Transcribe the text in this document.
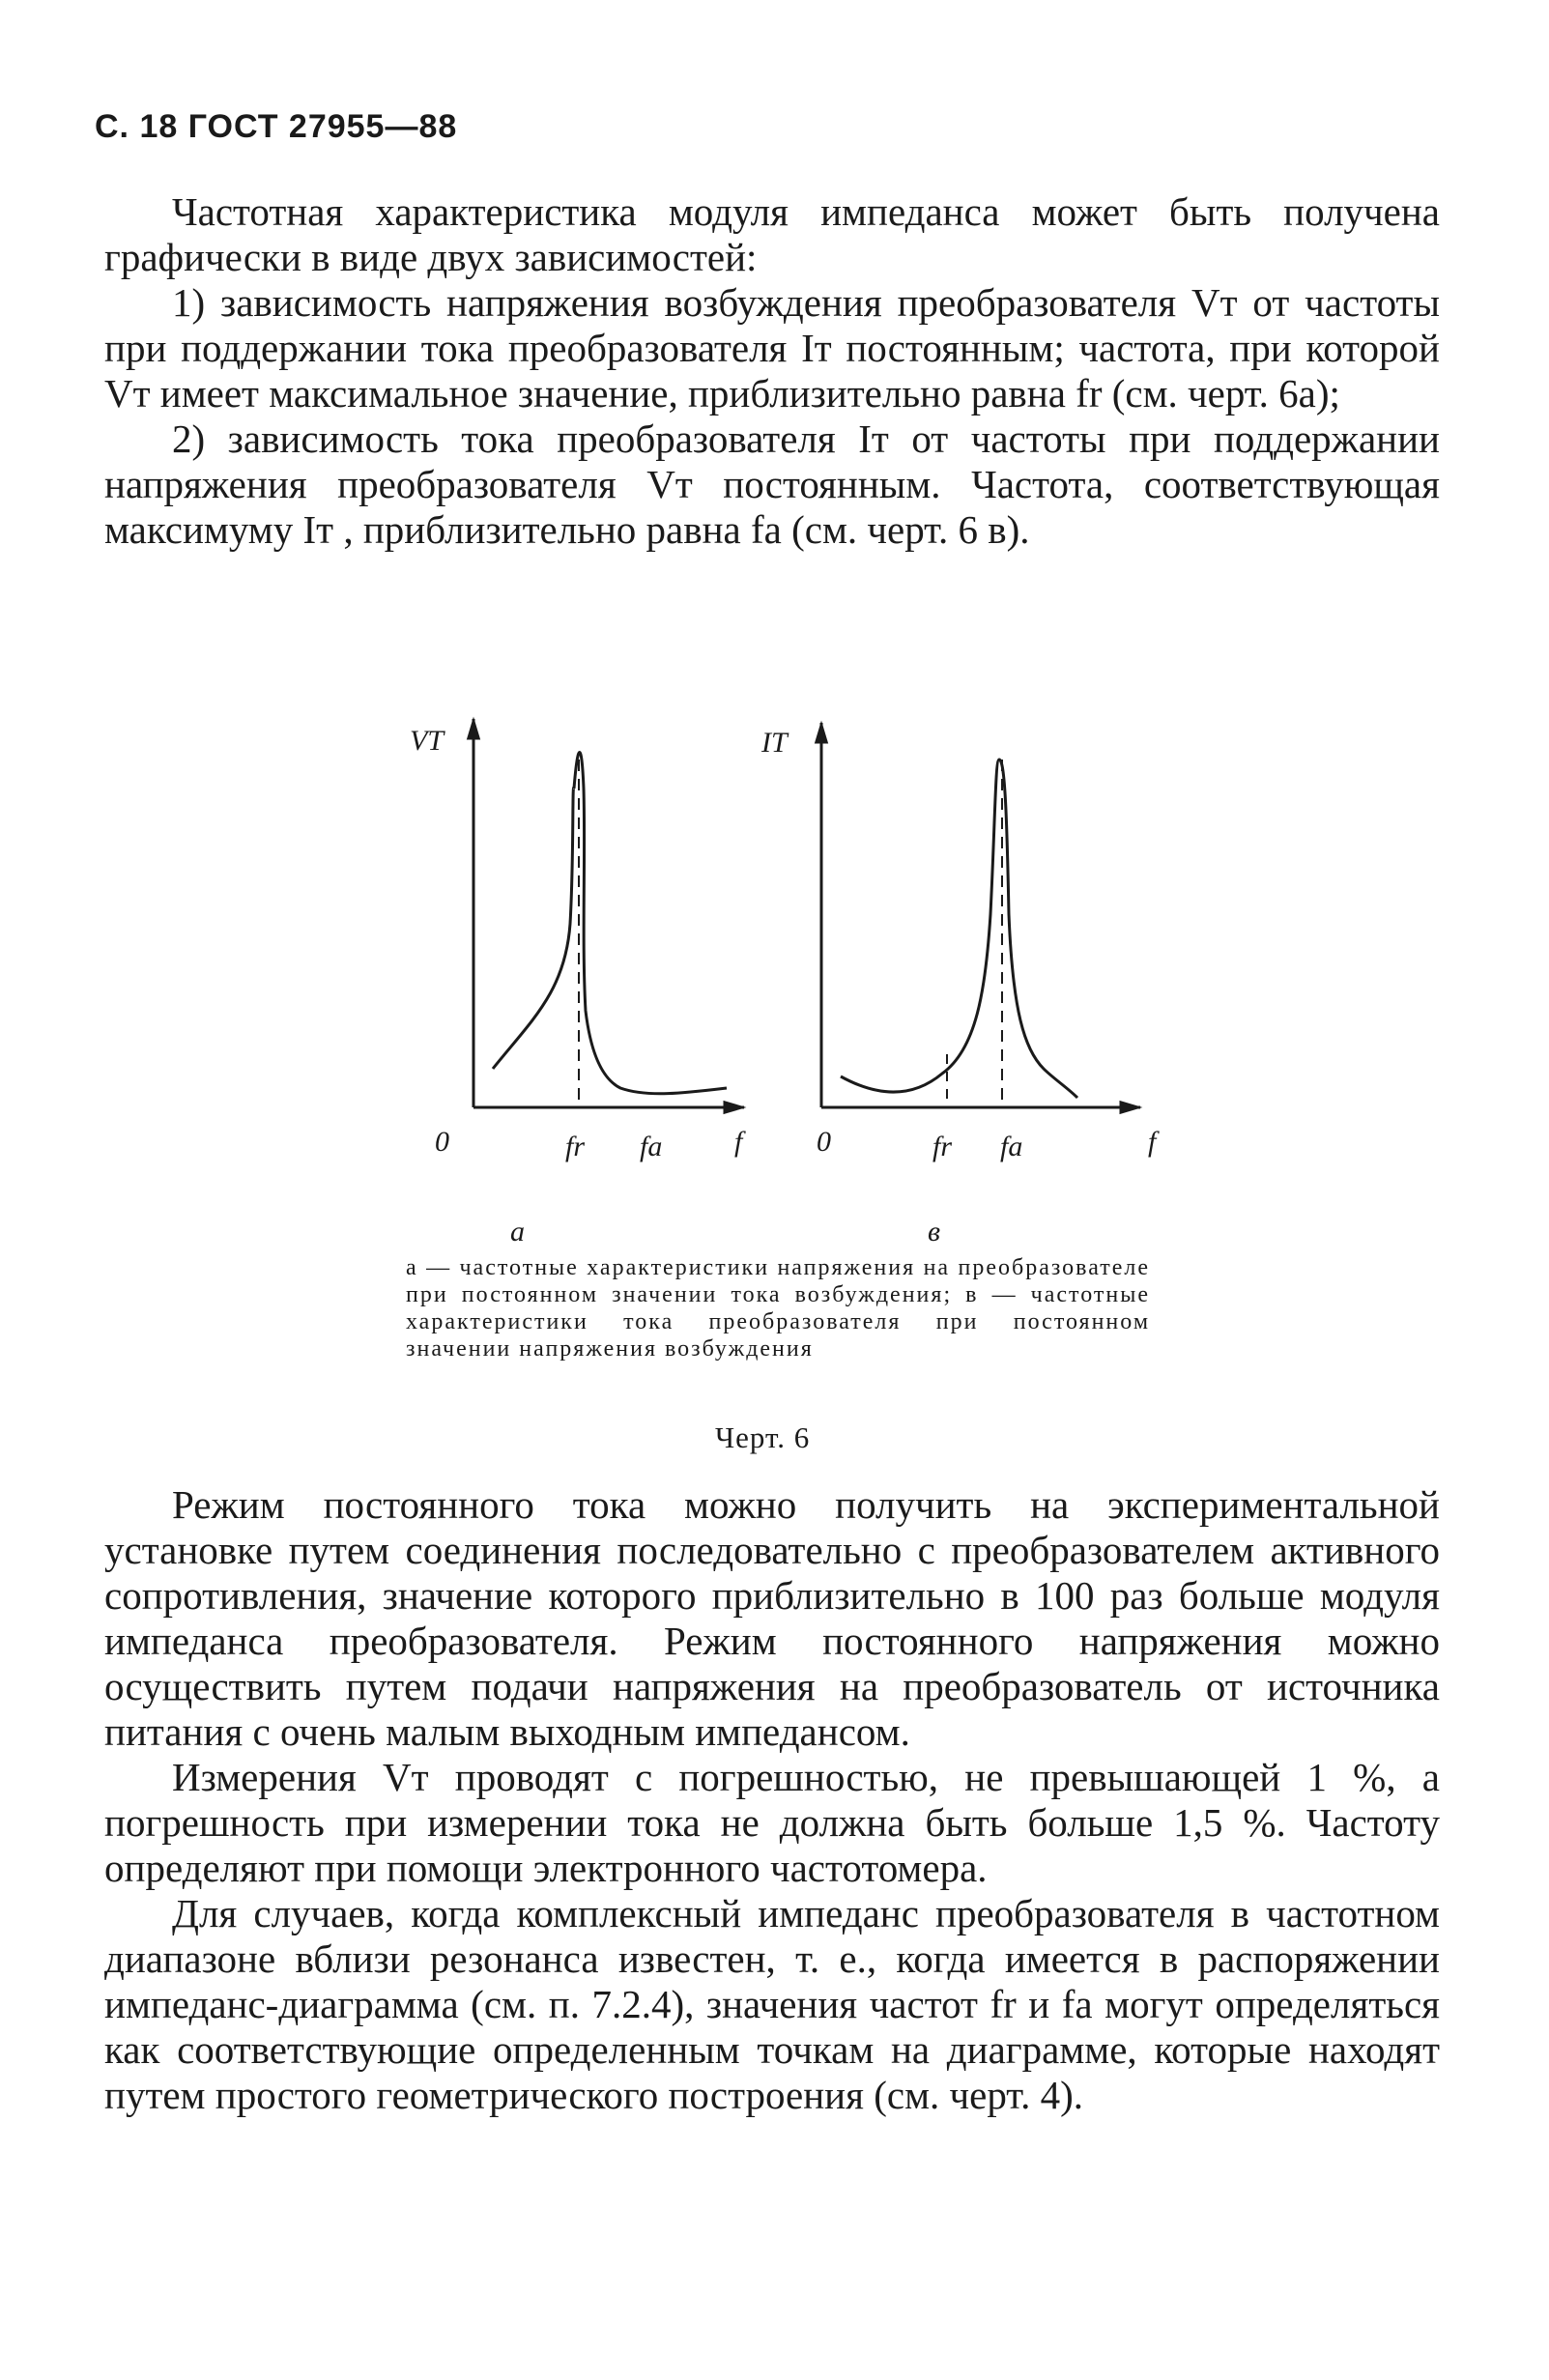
С. 18 ГОСТ 27955—88

Частотная характеристика модуля импеданса может быть получена графически в виде двух зависимостей:

1) зависимость напряжения возбуждения преобразователя Vт от частоты при поддержании тока преобразователя Iт постоянным; частота, при которой Vт имеет максимальное значение, приблизительно равна fr (см. черт. 6а);

2) зависимость тока преобразователя Iт от частоты при поддержании напряжения преобразователя Vт постоянным. Частота, соответствующая максимуму Iт , приблизительно равна fa (см. черт. 6 в).

VT
0	fr fa f
IT
0	fr fa	f
а	в
а — частотные характеристики напряжения на преобразователе при постоянном значении тока возбуждения; в — частотные характеристики тока преобразователя при постоянном значении напряжения возбуждения
Черт. 6

Режим постоянного тока можно получить на экспериментальной установке путем соединения последовательно с преобразователем активного сопротивления, значение которого приблизительно в 100 раз больше модуля импеданса преобразователя. Режим постоянного напряжения можно осуществить путем подачи напряжения на преобразователь от источника питания с очень малым выходным импедансом.

Измерения Vт проводят с погрешностью, не превышающей 1 %, а погрешность при измерении тока не должна быть больше 1,5 %. Частоту определяют при помощи электронного частотомера.

Для случаев, когда комплексный импеданс преобразователя в частотном диапазоне вблизи резонанса известен, т. е., когда имеется в распоряжении импеданс-диаграмма (см. п. 7.2.4), значения частот fr и fa могут определяться как соответствующие определенным точкам на диаграмме, которые находят путем простого геометрического построения (см. черт. 4).
